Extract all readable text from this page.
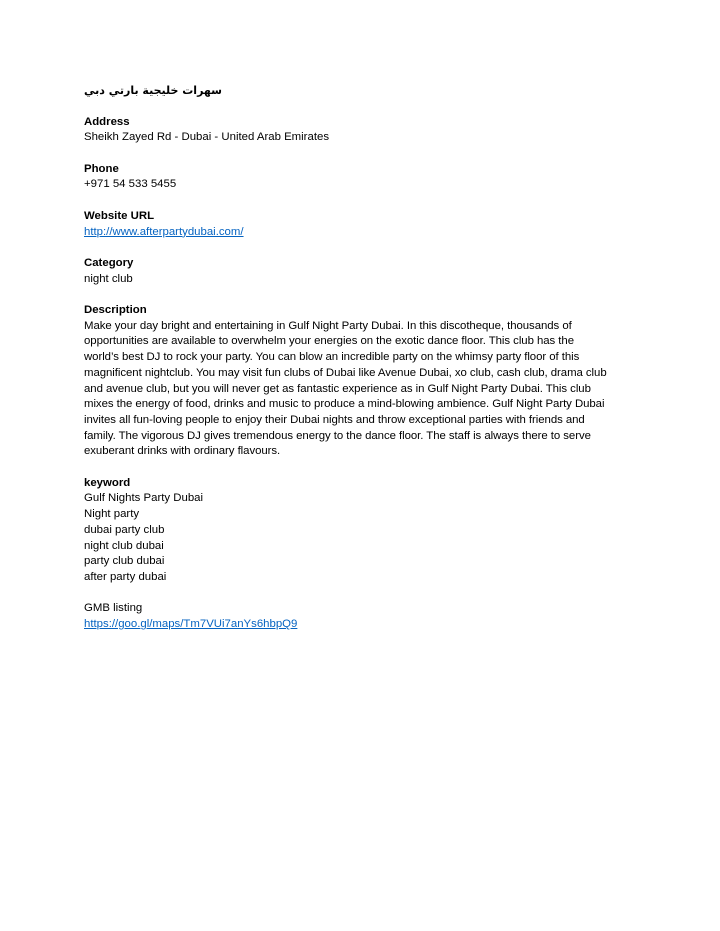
سهرات خليجية بارتي دبي
Address
Sheikh Zayed Rd - Dubai - United Arab Emirates
Phone
+971 54 533 5455
Website URL
http://www.afterpartydubai.com/
Category
night club
Description
Make your day bright and entertaining in Gulf Night Party Dubai. In this discotheque, thousands of
opportunities are available to overwhelm your energies on the exotic dance floor. This club has the
world’s best DJ to rock your party. You can blow an incredible party on the whimsy party floor of this
magnificent nightclub. You may visit fun clubs of Dubai like Avenue Dubai, xo club, cash club, drama club
and avenue club, but you will never get as fantastic experience as in Gulf Night Party Dubai. This club
mixes the energy of food, drinks and music to produce a mind-blowing ambience. Gulf Night Party Dubai
invites all fun-loving people to enjoy their Dubai nights and throw exceptional parties with friends and
family. The vigorous DJ gives tremendous energy to the dance floor. The staff is always there to serve
exuberant drinks with ordinary flavours.
keyword
Gulf Nights Party Dubai
Night party
dubai party club
night club dubai
party club dubai
after party dubai
GMB listing
https://goo.gl/maps/Tm7VUi7anYs6hbpQ9
